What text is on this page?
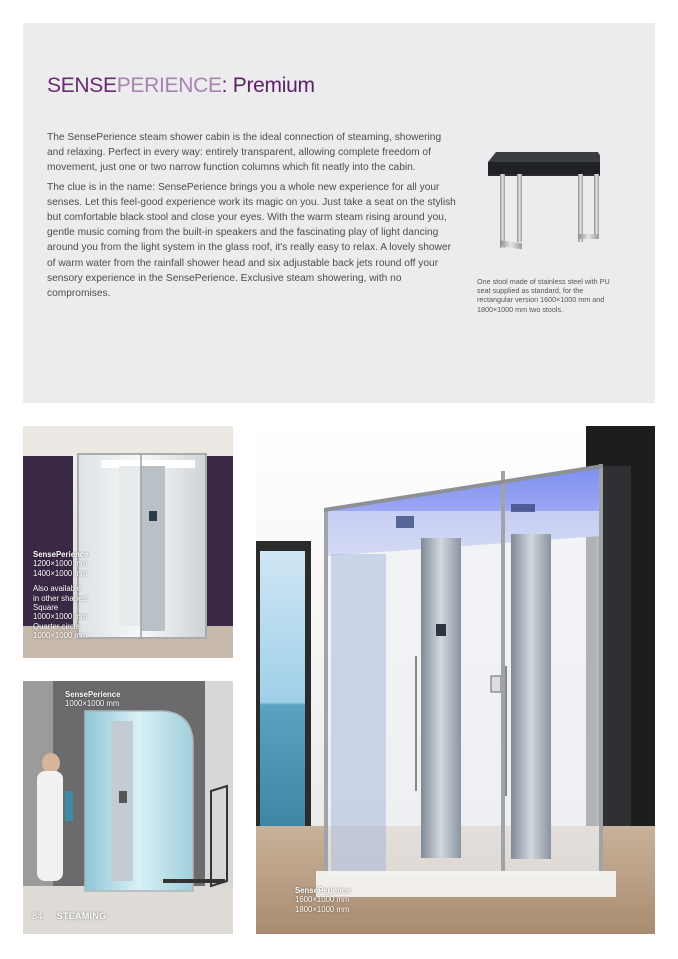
SENSEPERIENCE: Premium

The SensePerience steam shower cabin is the ideal connection of steaming, showering and relaxing. Perfect in every way: entirely transparent, allowing complete freedom of movement, just one or two narrow function columns which fit neatly into the cabin.

The clue is in the name: SensePerience brings you a whole new experience for all your senses. Let this feel-good experience work its magic on you. Just take a seat on the stylish but comfortable black stool and close your eyes. With the warm steam rising around you, gentle music coming from the built-in speakers and the fascinating play of light dancing around you from the light system in the glass roof, it's really easy to relax. A lovely shower of warm water from the rainfall shower head and six adjustable back jets round off your sensory experience in the SensePerience. Exclusive steam showering, with no compromises.

One stool made of stainless steel with PU seat supplied as standard, for the rectangular version 1600×1000 mm and 1800×1000 mm two stools.
SensePerience
1200×1000 mm
1400×1000 mm
Also available
in other shapes:
Square
1000×1000 mm
Quarter circle
1000×1000 mm
SensePerience
1000×1000 mm
SensePerience
1600×1000 mm
1800×1000 mm
84 STEAMING
